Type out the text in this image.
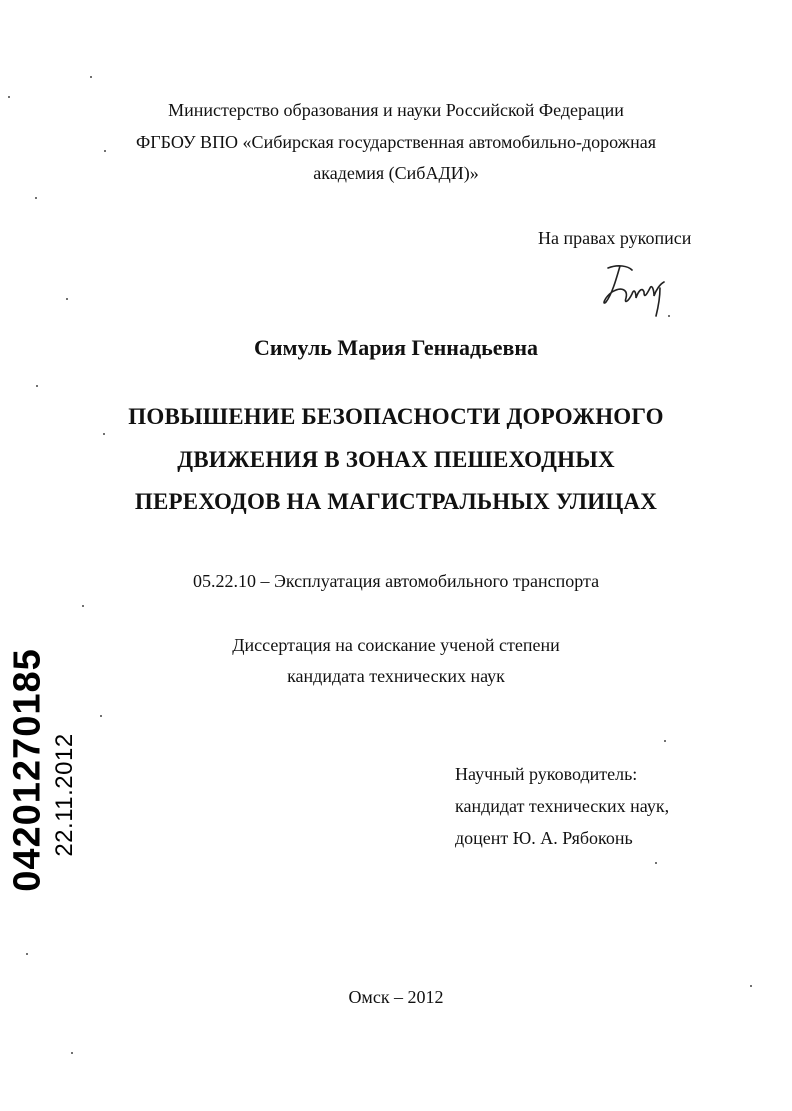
Министерство образования и науки Российской Федерации
ФГБОУ ВПО «Сибирская государственная автомобильно-дорожная
академия (СибАДИ)»
На правах рукописи
Симуль Мария Геннадьевна
ПОВЫШЕНИЕ БЕЗОПАСНОСТИ ДОРОЖНОГО
ДВИЖЕНИЯ В ЗОНАХ ПЕШЕХОДНЫХ
ПЕРЕХОДОВ НА МАГИСТРАЛЬНЫХ УЛИЦАХ
05.22.10 – Эксплуатация автомобильного транспорта
Диссертация на соискание ученой степени
кандидата технических наук
Научный руководитель:
кандидат технических наук,
доцент Ю. А. Рябоконь
Омск – 2012
04201270185 22.11.2012
